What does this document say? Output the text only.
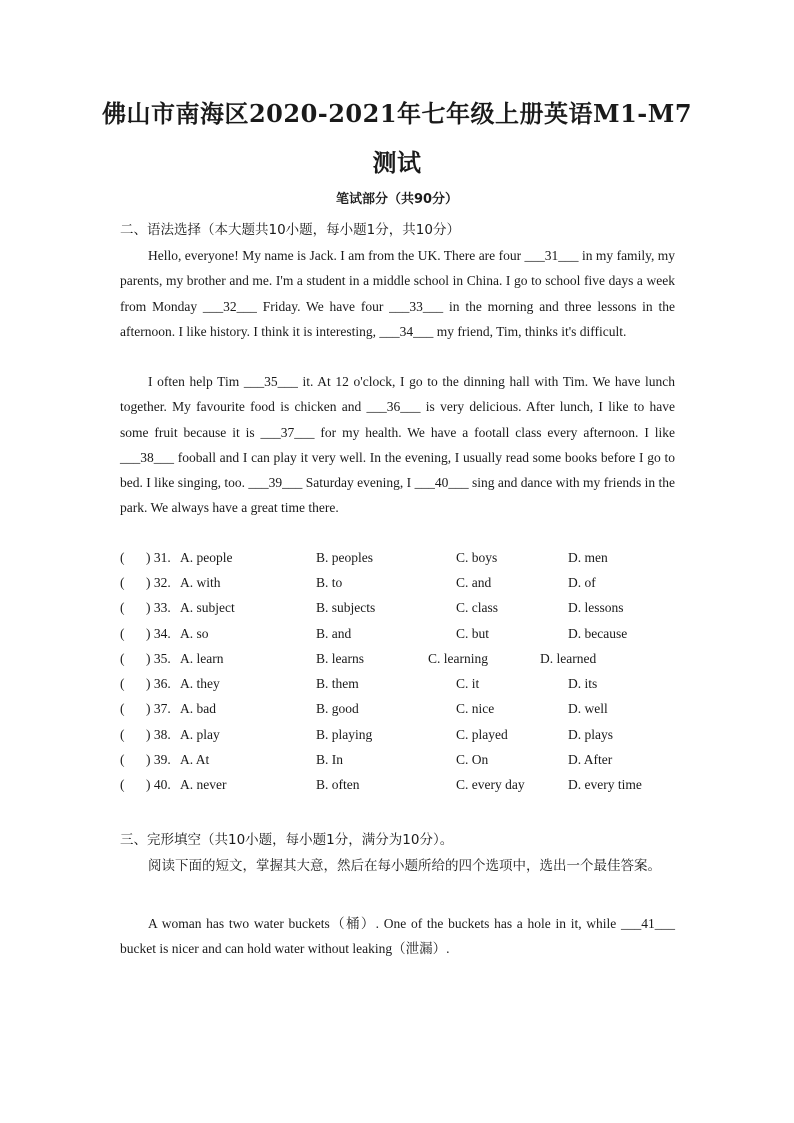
佛山市南海区2020-2021年七年级上册英语M1-M7
测试
笔试部分（共90分）
二、语法选择（本大题共10小题，每小题1分，共10分）

Hello, everyone! My name is Jack. I am from the UK. There are four ___31___ in my family, my parents, my brother and me. I'm a student in a middle school in China. I go to school five days a week from Monday ___32___ Friday. We have four ___33___ in the morning and three lessons in the afternoon. I like history. I think it is interesting, ___34___ my friend, Tim, thinks it's difficult.

I often help Tim ___35___ it. At 12 o'clock, I go to the dinning hall with Tim. We have lunch together. My favourite food is chicken and ___36___ is very delicious. After lunch, I like to have some fruit because it is ___37___ for my health. We have a footall class every afternoon. I like ___38___ fooball and I can play it very well. In the evening, I usually read some books before I go to bed. I like singing, too. ___39___ Saturday evening, I ___40___ sing and dance with my friends in the park. We always have a great time there.

( ) 31. A. people	B. peoples	C. boys	D. men
( ) 32. A. with	B. to	C. and	D. of
( ) 33. A. subject	B. subjects	C. class	D. lessons
( ) 34. A. so	B. and	C. but	D. because
( ) 35. A. learn	B. learns	C. learning	D. learned
( ) 36. A. they	B. them	C. it	D. its
( ) 37. A. bad	B. good	C. nice	D. well
( ) 38. A. play	B. playing	C. played	D. plays
( ) 39. A. At	B. In	C. On	D. After
( ) 40. A. never	B. often	C. every day	D. every time
三、完形填空（共10小题，每小题1分，满分为10分）。

阅读下面的短文，掌握其大意，然后在每小题所给的四个选项中，选出一个最佳答案。

A woman has two water buckets（桶）. One of the buckets has a hole in it, while ___41___ bucket is nicer and can hold water without leaking（泄漏）.
